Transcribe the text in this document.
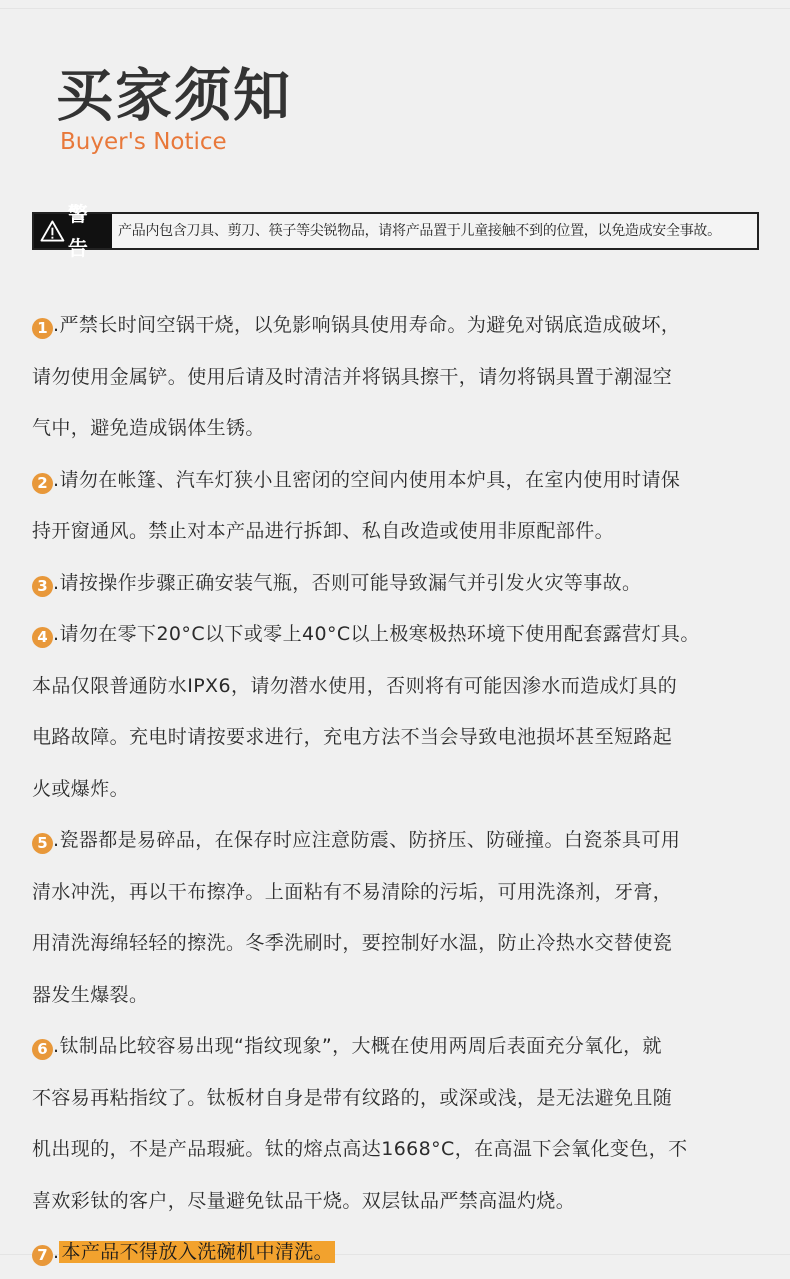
买家须知
Buyer's Notice
警告
产品内包含刀具、剪刀、筷子等尖锐物品，请将产品置于儿童接触不到的位置，以免造成安全事故。
1 .严禁长时间空锅干烧，以免影响锅具使用寿命。为避免对锅底造成破坏，
请勿使用金属铲。使用后请及时清洁并将锅具擦干，请勿将锅具置于潮湿空
气中，避免造成锅体生锈。
2 .请勿在帐篷、汽车灯狭小且密闭的空间内使用本炉具，在室内使用时请保
持开窗通风。禁止对本产品进行拆卸、私自改造或使用非原配部件。
3 .请按操作步骤正确安装气瓶，否则可能导致漏气并引发火灾等事故。
4 .请勿在零下20°C以下或零上40°C以上极寒极热环境下使用配套露营灯具。
本品仅限普通防水IPX6，请勿潜水使用，否则将有可能因渗水而造成灯具的
电路故障。充电时请按要求进行，充电方法不当会导致电池损坏甚至短路起
火或爆炸。
5 .瓷器都是易碎品，在保存时应注意防震、防挤压、防碰撞。白瓷茶具可用
清水冲洗，再以干布擦净。上面粘有不易清除的污垢，可用洗涤剂，牙膏，
用清洗海绵轻轻的擦洗。冬季洗刷时，要控制好水温，防止冷热水交替使瓷
器发生爆裂。
6 .钛制品比较容易出现“指纹现象”，大概在使用两周后表面充分氧化，就
不容易再粘指纹了。钛板材自身是带有纹路的，或深或浅，是无法避免且随
机出现的，不是产品瑕疵。钛的熔点高达1668°C，在高温下会氧化变色，不
喜欢彩钛的客户，尽量避免钛品干烧。双层钛品严禁高温灼烧。
7 . 本产品不得放入洗碗机中清洗。
